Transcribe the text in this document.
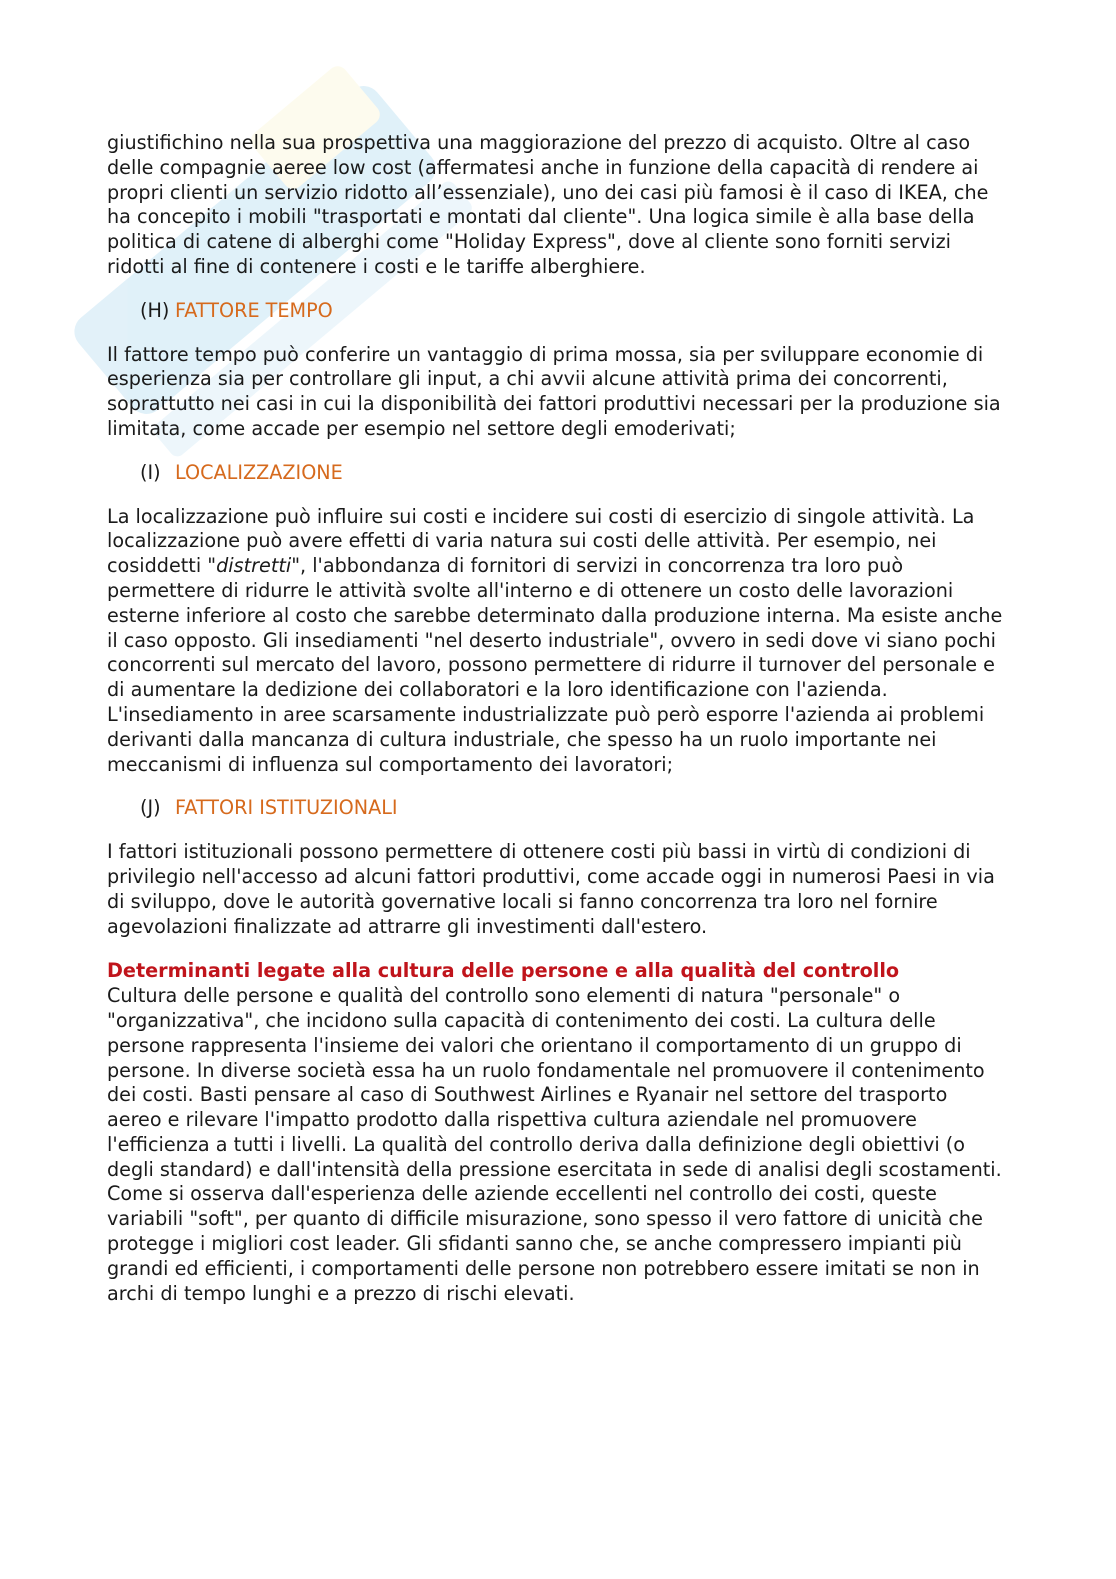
giustifichino nella sua prospettiva una maggiorazione del prezzo di acquisto. Oltre al caso delle compagnie aeree low cost (affermatesi anche in funzione della capacità di rendere ai propri clienti un servizio ridotto all’essenziale), uno dei casi più famosi è il caso di IKEA, che ha concepito i mobili "trasportati e montati dal cliente". Una logica simile è alla base della politica di catene di alberghi come "Holiday Express", dove al cliente sono forniti servizi ridotti al fine di contenere i costi e le tariffe alberghiere.

(H) FATTORE TEMPO

Il fattore tempo può conferire un vantaggio di prima mossa, sia per sviluppare economie di esperienza sia per controllare gli input, a chi avvii alcune attività prima dei concorrenti, soprattutto nei casi in cui la disponibilità dei fattori produttivi necessari per la produzione sia limitata, come accade per esempio nel settore degli emoderivati;

(I) LOCALIZZAZIONE

La localizzazione può influire sui costi e incidere sui costi di esercizio di singole attività. La localizzazione può avere effetti di varia natura sui costi delle attività. Per esempio, nei cosiddetti "distretti", l'abbondanza di fornitori di servizi in concorrenza tra loro può permettere di ridurre le attività svolte all'interno e di ottenere un costo delle lavorazioni esterne inferiore al costo che sarebbe determinato dalla produzione interna. Ma esiste anche il caso opposto. Gli insediamenti "nel deserto industriale", ovvero in sedi dove vi siano pochi concorrenti sul mercato del lavoro, possono permettere di ridurre il turnover del personale e di aumentare la dedizione dei collaboratori e la loro identificazione con l'azienda. L'insediamento in aree scarsamente industrializzate può però esporre l'azienda ai problemi derivanti dalla mancanza di cultura industriale, che spesso ha un ruolo importante nei meccanismi di influenza sul comportamento dei lavoratori;

(J) FATTORI ISTITUZIONALI

I fattori istituzionali possono permettere di ottenere costi più bassi in virtù di condizioni di privilegio nell'accesso ad alcuni fattori produttivi, come accade oggi in numerosi Paesi in via di sviluppo, dove le autorità governative locali si fanno concorrenza tra loro nel fornire agevolazioni finalizzate ad attrarre gli investimenti dall'estero.

Determinanti legate alla cultura delle persone e alla qualità del controllo

Cultura delle persone e qualità del controllo sono elementi di natura "personale" o "organizzativa", che incidono sulla capacità di contenimento dei costi. La cultura delle persone rappresenta l'insieme dei valori che orientano il comportamento di un gruppo di persone. In diverse società essa ha un ruolo fondamentale nel promuovere il contenimento dei costi. Basti pensare al caso di Southwest Airlines e Ryanair nel settore del trasporto aereo e rilevare l'impatto prodotto dalla rispettiva cultura aziendale nel promuovere l'efficienza a tutti i livelli. La qualità del controllo deriva dalla definizione degli obiettivi (o degli standard) e dall'intensità della pressione esercitata in sede di analisi degli scostamenti. Come si osserva dall'esperienza delle aziende eccellenti nel controllo dei costi, queste variabili "soft", per quanto di difficile misurazione, sono spesso il vero fattore di unicità che protegge i migliori cost leader. Gli sfidanti sanno che, se anche compressero impianti più grandi ed efficienti, i comportamenti delle persone non potrebbero essere imitati se non in archi di tempo lunghi e a prezzo di rischi elevati.
